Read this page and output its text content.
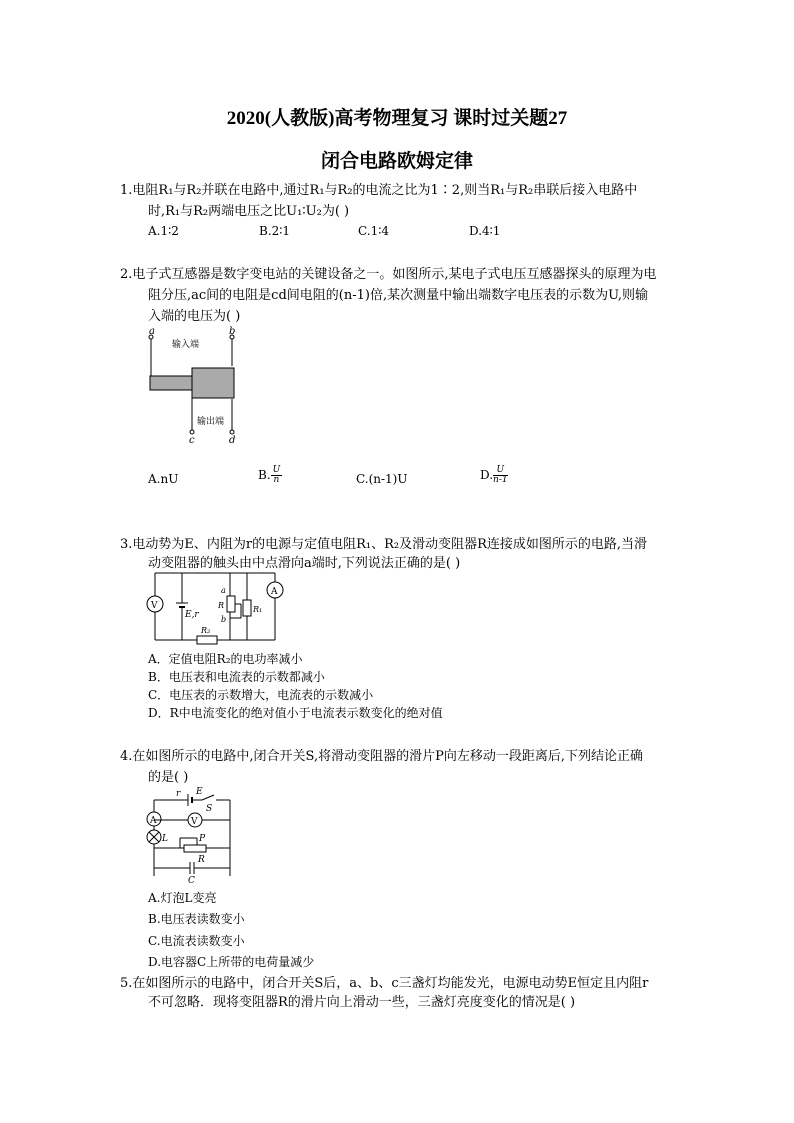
2020(人教版)高考物理复习 课时过关题27
闭合电路欧姆定律
1.电阻R₁与R₂并联在电路中,通过R₁与R₂的电流之比为1∶2,则当R₁与R₂串联后接入电路中
时,R₁与R₂两端电压之比U₁∶U₂为( )
A.1∶2	B.2∶1	C.1∶4	D.4∶1
2.电子式互感器是数字变电站的关键设备之一。如图所示,某电子式电压互感器探头的原理为电
阻分压,ac间的电阻是cd间电阻的(n-1)倍,某次测量中输出端数字电压表的示数为U,则输
入端的电压为( )
a	b
c	d
输入端
输出端
A.nU	B. $\frac{U}{n}$	C.(n-1)U	D. $\frac{U}{n-1}$
3.电动势为E、内阻为r的电源与定值电阻R₁、R₂及滑动变阻器R连接成如图所示的电路,当滑
动变阻器的触头由中点滑向a端时,下列说法正确的是( )
V
E,r
R₂
a
R
b
R₁
A
A．定值电阻R₂的电功率减小
B．电压表和电流表的示数都减小
C．电压表的示数增大，电流表的示数减小
D．R中电流变化的绝对值小于电流表示数变化的绝对值
4.在如图所示的电路中,闭合开关S,将滑动变阻器的滑片P向左移动一段距离后,下列结论正确
的是( )
r E
S
A	V
L	P
R
C
A.灯泡L变亮
B.电压表读数变小
C.电流表读数变小
D.电容器C上所带的电荷量减少
5.在如图所示的电路中，闭合开关S后，a、b、c三盏灯均能发光，电源电动势E恒定且内阻r
不可忽略．现将变阻器R的滑片向上滑动一些，三盏灯亮度变化的情况是( )
